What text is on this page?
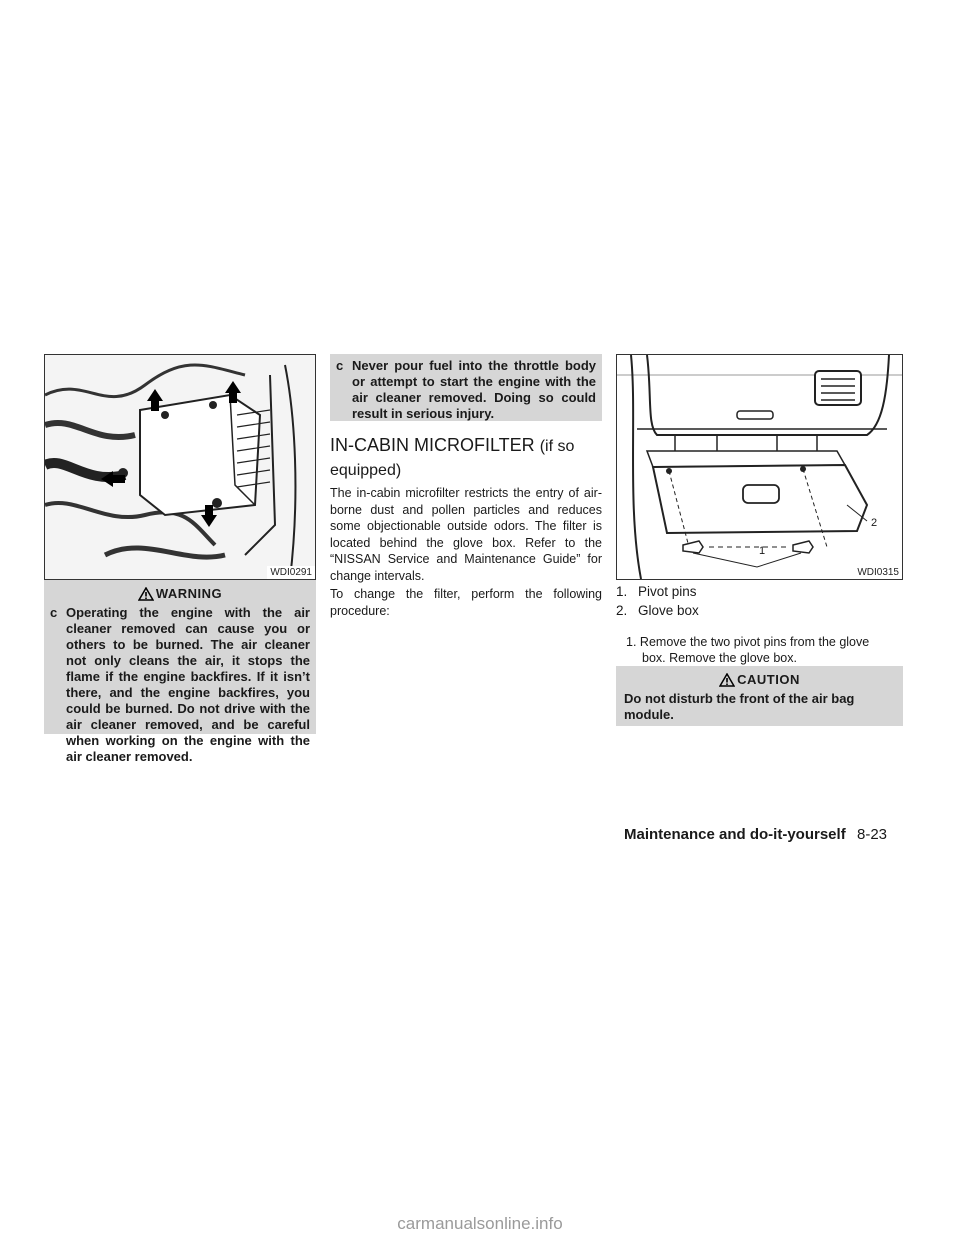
WDI0291
WARNING
c Operating the engine with the air cleaner removed can cause you or others to be burned. The air cleaner not only cleans the air, it stops the flame if the engine backfires. If it isn’t there, and the engine backfires, you could be burned. Do not drive with the air cleaner removed, and be careful when working on the engine with the air cleaner removed.
c Never pour fuel into the throttle body or attempt to start the engine with the air cleaner removed. Doing so could result in serious injury.
IN-CABIN MICROFILTER (if so equipped)

The in-cabin microfilter restricts the entry of air-borne dust and pollen particles and reduces some objectionable outside odors. The filter is located behind the glove box. Refer to the “NISSAN Service and Maintenance Guide” for change intervals.

To change the filter, perform the following procedure:

1
2
WDI0315
1. Pivot pins
2. Glove box
1. Remove the two pivot pins from the glove
box. Remove the glove box.
CAUTION
Do not disturb the front of the air bag module.
Maintenance and do-it-yourself 8-23
carmanualsonline.info
